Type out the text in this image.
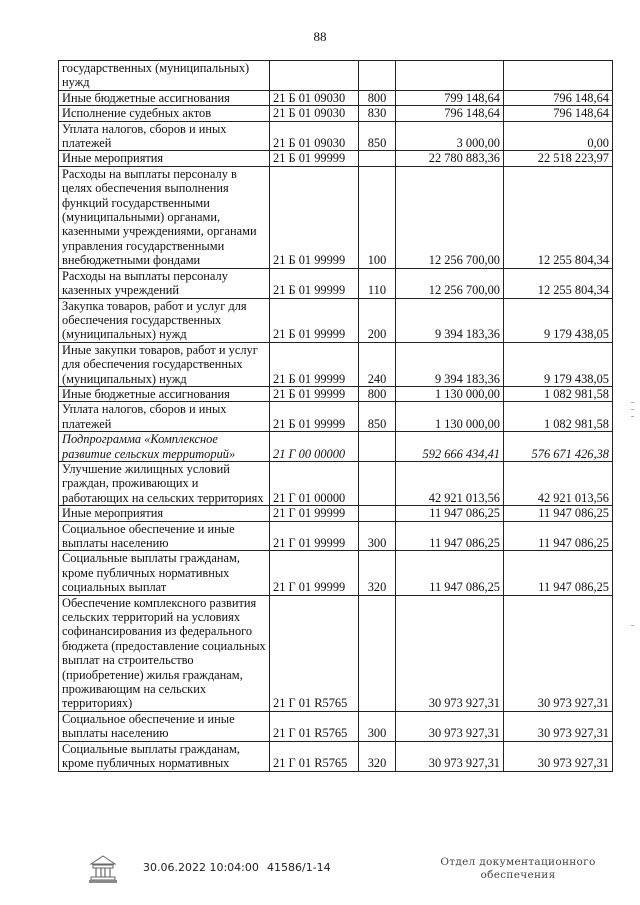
88
государственных (муниципальных) нужд				
Иные бюджетные ассигнования	21 Б 01 09030	800	799 148,64	796 148,64
Исполнение судебных актов	21 Б 01 09030	830	796 148,64	796 148,64
Уплата налогов, сборов и иных платежей	21 Б 01 09030	850	3 000,00	0,00
Иные мероприятия	21 Б 01 99999		22 780 883,36	22 518 223,97
Расходы на выплаты персоналу в целях обеспечения выполнения функций государственными (муниципальными) органами, казенными учреждениями, органами управления государственными внебюджетными фондами	21 Б 01 99999	100	12 256 700,00	12 255 804,34
Расходы на выплаты персоналу казенных учреждений	21 Б 01 99999	110	12 256 700,00	12 255 804,34
Закупка товаров, работ и услуг для обеспечения государственных (муниципальных) нужд	21 Б 01 99999	200	9 394 183,36	9 179 438,05
Иные закупки товаров, работ и услуг для обеспечения государственных (муниципальных) нужд	21 Б 01 99999	240	9 394 183,36	9 179 438,05
Иные бюджетные ассигнования	21 Б 01 99999	800	1 130 000,00	1 082 981,58
Уплата налогов, сборов и иных платежей	21 Б 01 99999	850	1 130 000,00	1 082 981,58
Подпрограмма «Комплексное развитие сельских территорий»	21 Г 00 00000		592 666 434,41	576 671 426,38
Улучшение жилищных условий граждан, проживающих и работающих на сельских территориях	21 Г 01 00000		42 921 013,56	42 921 013,56
Иные мероприятия	21 Г 01 99999		11 947 086,25	11 947 086,25
Социальное обеспечение и иные выплаты населению	21 Г 01 99999	300	11 947 086,25	11 947 086,25
Социальные выплаты гражданам, кроме публичных нормативных социальных выплат	21 Г 01 99999	320	11 947 086,25	11 947 086,25
Обеспечение комплексного развития сельских территорий на условиях софинансирования из федерального бюджета (предоставление социальных выплат на строительство (приобретение) жилья гражданам, проживающим на сельских территориях)	21 Г 01 R5765		30 973 927,31	30 973 927,31
Социальное обеспечение и иные выплаты населению	21 Г 01 R5765	300	30 973 927,31	30 973 927,31
Социальные выплаты гражданам, кроме публичных нормативных	21 Г 01 R5765	320	30 973 927,31	30 973 927,31
30.06.2022 10:04:00 41586/1-14	Отдел документационного обеспечения
